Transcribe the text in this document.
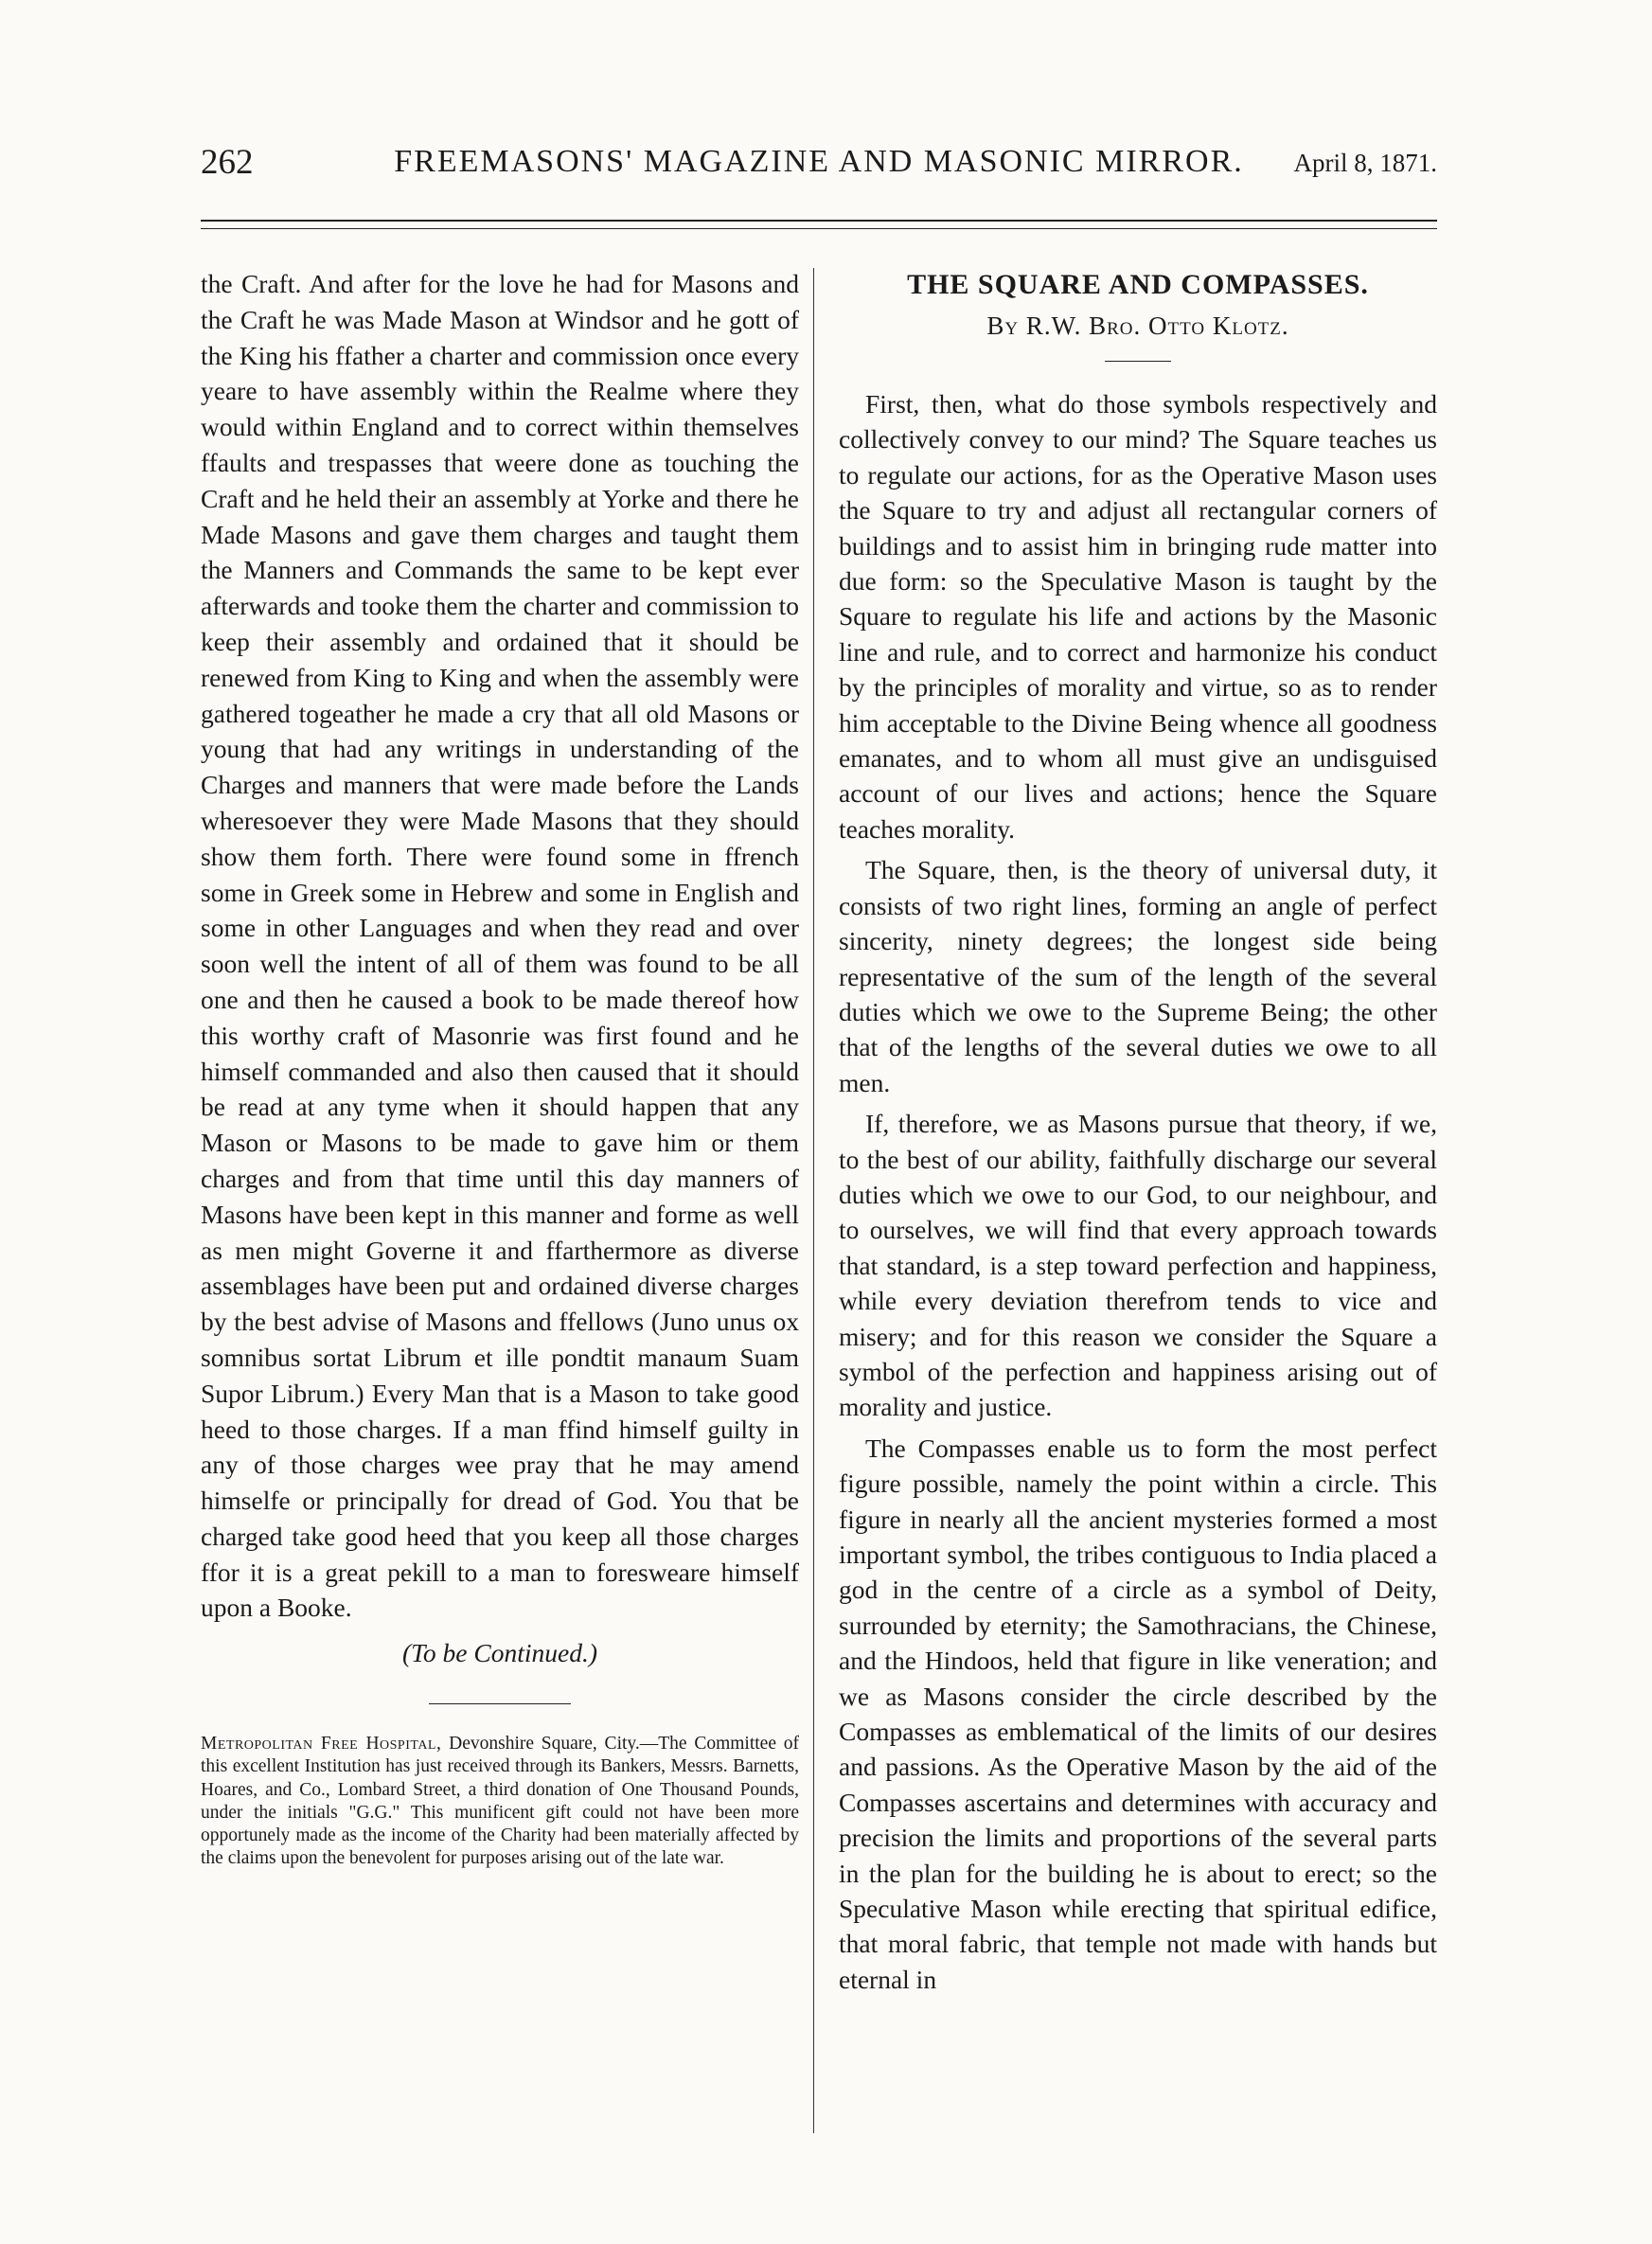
262	FREEMASONS' MAGAZINE AND MASONIC MIRROR.	April 8, 1871.

the Craft. And after for the love he had for Masons and the Craft he was Made Mason at Windsor and he gott of the King his ffather a charter and commission once every yeare to have assembly within the Realme where they would within England and to correct within themselves ffaults and trespasses that weere done as touching the Craft and he held their an assembly at Yorke and there he Made Masons and gave them charges and taught them the Manners and Commands the same to be kept ever afterwards and tooke them the charter and commission to keep their assembly and ordained that it should be renewed from King to King and when the assembly were gathered togeather he made a cry that all old Masons or young that had any writings in understanding of the Charges and manners that were made before the Lands wheresoever they were Made Masons that they should show them forth. There were found some in ffrench some in Greek some in Hebrew and some in English and some in other Languages and when they read and over soon well the intent of all of them was found to be all one and then he caused a book to be made thereof how this worthy craft of Masonrie was first found and he himself commanded and also then caused that it should be read at any tyme when it should happen that any Mason or Masons to be made to gave him or them charges and from that time until this day manners of Masons have been kept in this manner and forme as well as men might Governe it and ffarthermore as diverse assemblages have been put and ordained diverse charges by the best advise of Masons and ffellows (Juno unus ox somnibus sortat Librum et ille pondtit manaum Suam Supor Librum.) Every Man that is a Mason to take good heed to those charges. If a man ffind himself guilty in any of those charges wee pray that he may amend himselfe or principally for dread of God. You that be charged take good heed that you keep all those charges ffor it is a great pekill to a man to foresweare himself upon a Booke.

(To be Continued.)

Metropolitan Free Hospital, Devonshire Square, City.—The Committee of this excellent Institution has just received through its Bankers, Messrs. Barnetts, Hoares, and Co., Lombard Street, a third donation of One Thousand Pounds, under the initials "G.G." This munificent gift could not have been more opportunely made as the income of the Charity had been materially affected by the claims upon the benevolent for purposes arising out of the late war.

THE SQUARE AND COMPASSES.

By R.W. Bro. Otto Klotz.

First, then, what do those symbols respectively and collectively convey to our mind? The Square teaches us to regulate our actions, for as the Operative Mason uses the Square to try and adjust all rectangular corners of buildings and to assist him in bringing rude matter into due form: so the Speculative Mason is taught by the Square to regulate his life and actions by the Masonic line and rule, and to correct and harmonize his conduct by the principles of morality and virtue, so as to render him acceptable to the Divine Being whence all goodness emanates, and to whom all must give an undisguised account of our lives and actions; hence the Square teaches morality.

The Square, then, is the theory of universal duty, it consists of two right lines, forming an angle of perfect sincerity, ninety degrees; the longest side being representative of the sum of the length of the several duties which we owe to the Supreme Being; the other that of the lengths of the several duties we owe to all men.

If, therefore, we as Masons pursue that theory, if we, to the best of our ability, faithfully discharge our several duties which we owe to our God, to our neighbour, and to ourselves, we will find that every approach towards that standard, is a step toward perfection and happiness, while every deviation therefrom tends to vice and misery; and for this reason we consider the Square a symbol of the perfection and happiness arising out of morality and justice.

The Compasses enable us to form the most perfect figure possible, namely the point within a circle. This figure in nearly all the ancient mysteries formed a most important symbol, the tribes contiguous to India placed a god in the centre of a circle as a symbol of Deity, surrounded by eternity; the Samothracians, the Chinese, and the Hindoos, held that figure in like veneration; and we as Masons consider the circle described by the Compasses as emblematical of the limits of our desires and passions. As the Operative Mason by the aid of the Compasses ascertains and determines with accuracy and precision the limits and proportions of the several parts in the plan for the building he is about to erect; so the Speculative Mason while erecting that spiritual edifice, that moral fabric, that temple not made with hands but eternal in
